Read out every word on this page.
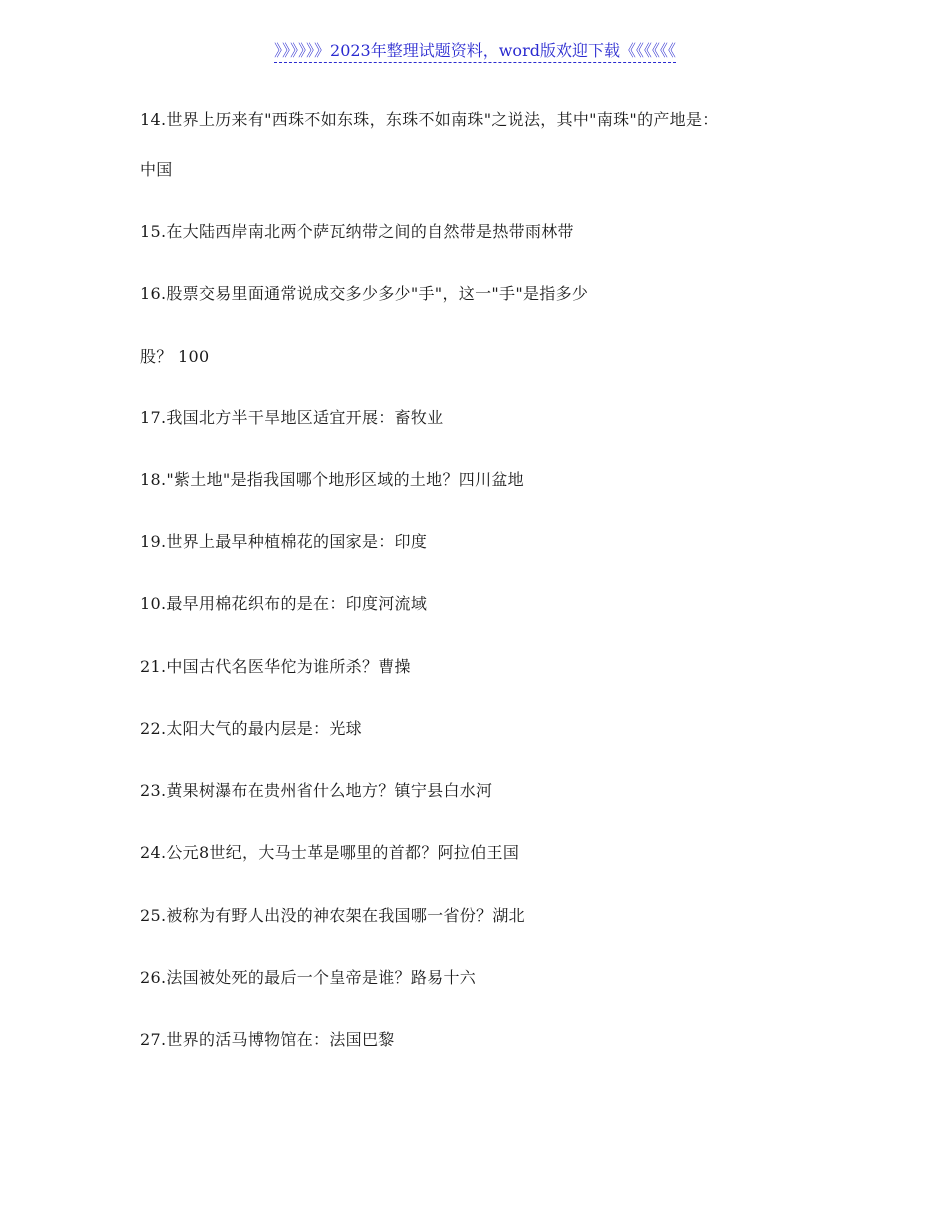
》》》》》》2023年整理试题资料，word版欢迎下载《《《《《《
14.世界上历来有"西珠不如东珠，东珠不如南珠"之说法，其中"南珠"的产地是：
中国
15.在大陆西岸南北两个萨瓦纳带之间的自然带是热带雨林带
16.股票交易里面通常说成交多少多少"手"，这一"手"是指多少
股？ 100
17.我国北方半干旱地区适宜开展：畜牧业
18."紫土地"是指我国哪个地形区域的土地？四川盆地
19.世界上最早种植棉花的国家是：印度
10.最早用棉花织布的是在：印度河流域
21.中国古代名医华佗为谁所杀？曹操
22.太阳大气的最内层是：光球
23.黄果树瀑布在贵州省什么地方？镇宁县白水河
24.公元8世纪，大马士革是哪里的首都？阿拉伯王国
25.被称为有野人出没的神农架在我国哪一省份？湖北
26.法国被处死的最后一个皇帝是谁？路易十六
27.世界的活马博物馆在：法国巴黎
